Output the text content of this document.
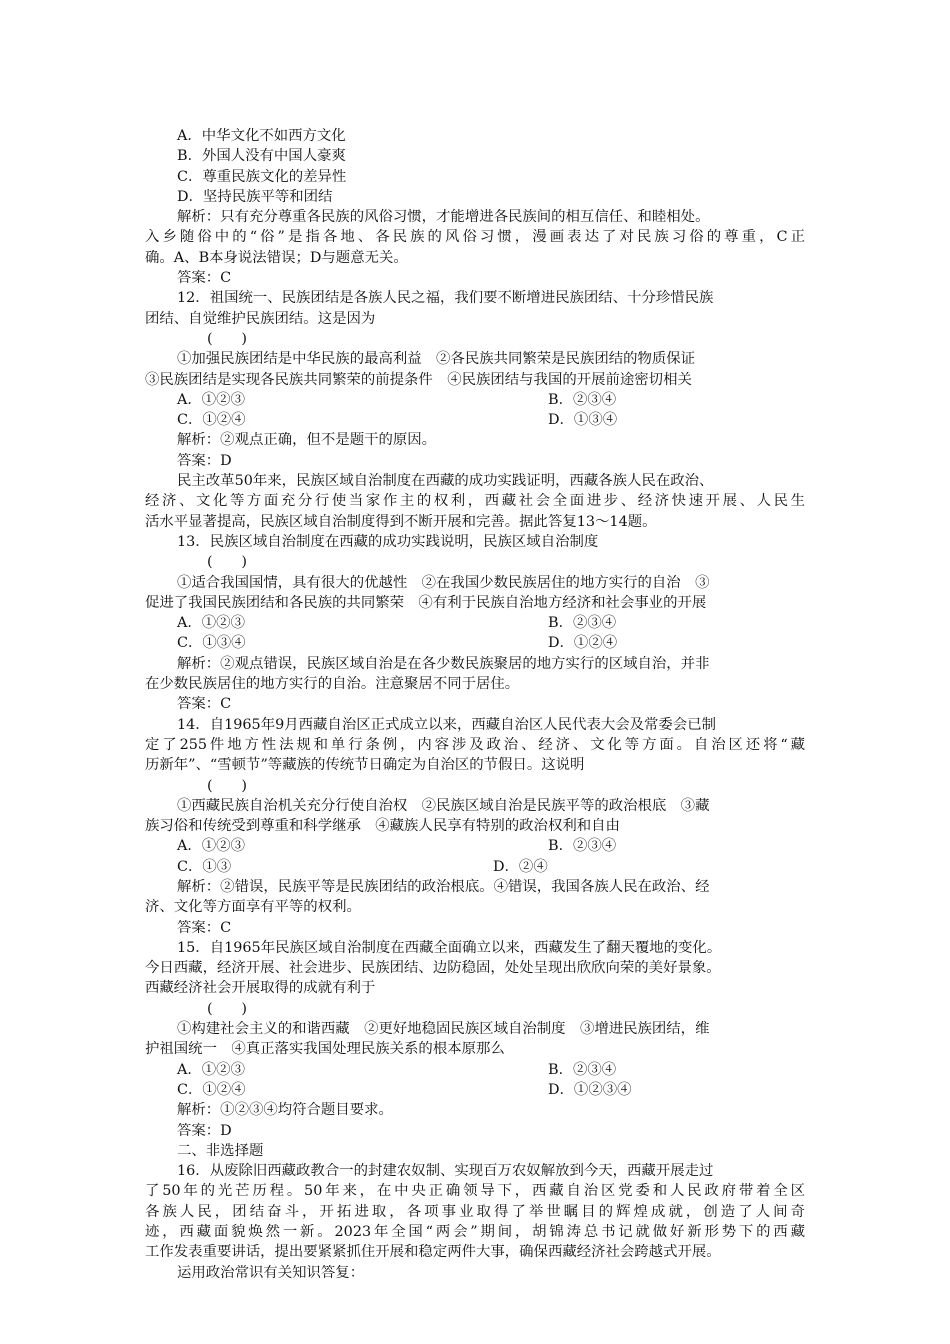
A．中华文化不如西方文化
B．外国人没有中国人豪爽
C．尊重民族文化的差异性
D．坚持民族平等和团结
解析：只有充分尊重各民族的风俗习惯，才能增进各民族间的相互信任、和睦相处。
入乡随俗中的“俗”是指各地、各民族的风俗习惯，漫画表达了对民族习俗的尊重，C正
确。A、B本身说法错误；D与题意无关。
答案：C
12．祖国统一、民族团结是各族人民之福，我们要不断增进民族团结、十分珍惜民族
团结、自觉维护民族团结。这是因为
(　　)
①加强民族团结是中华民族的最高利益　②各民族共同繁荣是民族团结的物质保证
③民族团结是实现各民族共同繁荣的前提条件　④民族团结与我国的开展前途密切相关
A．①②③	B．②③④
C．①②④	D．①③④
解析：②观点正确，但不是题干的原因。
答案：D
民主改革50年来，民族区域自治制度在西藏的成功实践证明，西藏各族人民在政治、
经济、文化等方面充分行使当家作主的权利，西藏社会全面进步、经济快速开展、人民生
活水平显著提高，民族区域自治制度得到不断开展和完善。据此答复13～14题。
13．民族区域自治制度在西藏的成功实践说明，民族区域自治制度
(　　)
①适合我国国情，具有很大的优越性　②在我国少数民族居住的地方实行的自治　③
促进了我国民族团结和各民族的共同繁荣　④有利于民族自治地方经济和社会事业的开展
A．①②③	B．②③④
C．①③④	D．①②④
解析：②观点错误，民族区域自治是在各少数民族聚居的地方实行的区域自治，并非
在少数民族居住的地方实行的自治。注意聚居不同于居住。
答案：C
14．自1965年9月西藏自治区正式成立以来，西藏自治区人民代表大会及常委会已制
定了255件地方性法规和单行条例，内容涉及政治、经济、文化等方面。自治区还将“藏
历新年”、“雪顿节”等藏族的传统节日确定为自治区的节假日。这说明
(　　)
①西藏民族自治机关充分行使自治权　②民族区域自治是民族平等的政治根底　③藏
族习俗和传统受到尊重和科学继承　④藏族人民享有特别的政治权利和自由
A．①②③	B．②③④
C．①③	D．②④
解析：②错误，民族平等是民族团结的政治根底。④错误，我国各族人民在政治、经
济、文化等方面享有平等的权利。
答案：C
15．自1965年民族区域自治制度在西藏全面确立以来，西藏发生了翻天覆地的变化。
今日西藏，经济开展、社会进步、民族团结、边防稳固，处处呈现出欣欣向荣的美好景象。
西藏经济社会开展取得的成就有利于
(　　)
①构建社会主义的和谐西藏　②更好地稳固民族区域自治制度　③增进民族团结，维
护祖国统一　④真正落实我国处理民族关系的根本原那么
A．①②③	B．②③④
C．①②④	D．①②③④
解析：①②③④均符合题目要求。
答案：D
二、非选择题
16．从废除旧西藏政教合一的封建农奴制、实现百万农奴解放到今天，西藏开展走过
了50年的光芒历程。50年来，在中央正确领导下，西藏自治区党委和人民政府带着全区
各族人民，团结奋斗，开拓进取，各项事业取得了举世瞩目的辉煌成就，创造了人间奇
迹，西藏面貌焕然一新。2023年全国“两会”期间，胡锦涛总书记就做好新形势下的西藏
工作发表重要讲话，提出要紧紧抓住开展和稳定两件大事，确保西藏经济社会跨越式开展。
运用政治常识有关知识答复：
